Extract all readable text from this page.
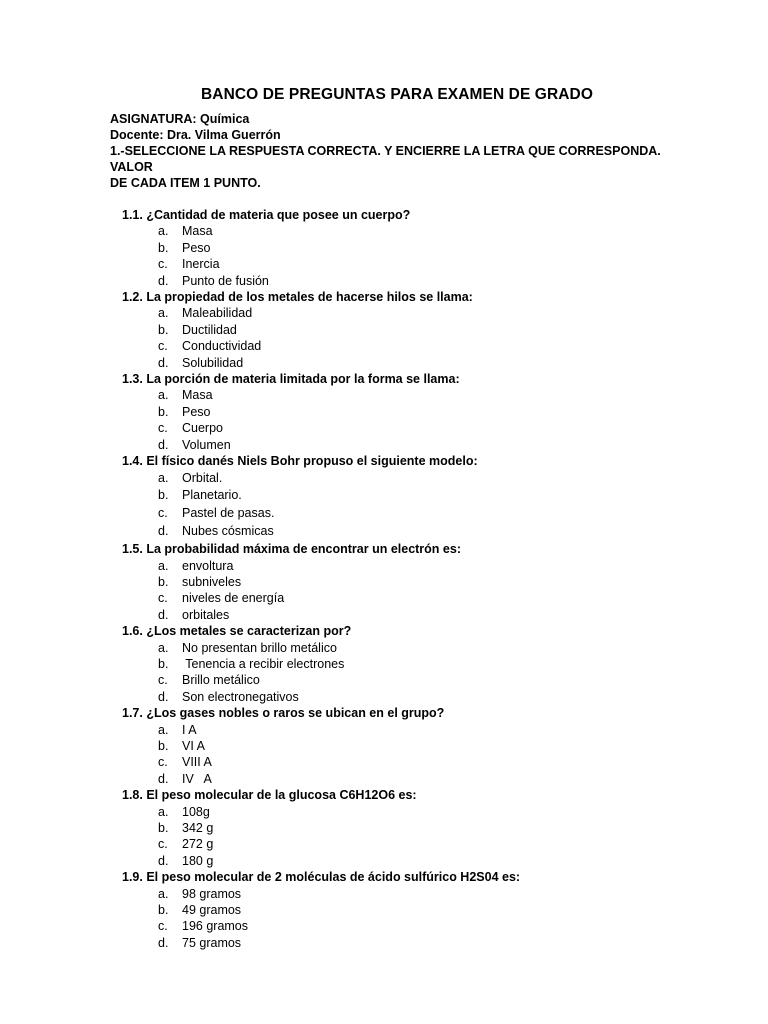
BANCO DE PREGUNTAS PARA EXAMEN DE GRADO
ASIGNATURA: Química
Docente: Dra. Vilma Guerrón
1.-SELECCIONE LA RESPUESTA CORRECTA. Y ENCIERRE LA LETRA QUE CORRESPONDA. VALOR
DE CADA ITEM 1 PUNTO.
1.1. ¿Cantidad de materia que posee un cuerpo?
a.	Masa
b.	Peso
c.	Inercia
d.	Punto de fusión
1.2. La propiedad de los metales de hacerse hilos se llama:
a.	Maleabilidad
b.	Ductilidad
c.	Conductividad
d.	Solubilidad
1.3. La porción de materia limitada por la forma se llama:
a.	Masa
b.	Peso
c.	Cuerpo
d.	Volumen
1.4. El físico danés Niels Bohr propuso el siguiente modelo:
a.	Orbital.
b.	Planetario.
c.	Pastel de pasas.
d.	Nubes cósmicas
1.5. La probabilidad máxima de encontrar un electrón es:
a.	envoltura
b.	subniveles
c.	niveles de energía
d.	orbitales
1.6. ¿Los metales se caracterizan por?
a.	No presentan brillo metálico
b.	Tenencia a recibir electrones
c.	Brillo metálico
d.	Son electronegativos
1.7. ¿Los gases nobles o raros se ubican en el grupo?
a.	I A
b.	VI A
c.	VIII A
d.	IV   A
1.8. El peso molecular de la glucosa C6H12O6 es:
a.	108g
b.	342 g
c.	272 g
d.	180 g
1.9. El peso molecular de 2 moléculas de ácido sulfúrico H2S04 es:
a.	98 gramos
b.	49 gramos
c.	196 gramos
d.	75 gramos
